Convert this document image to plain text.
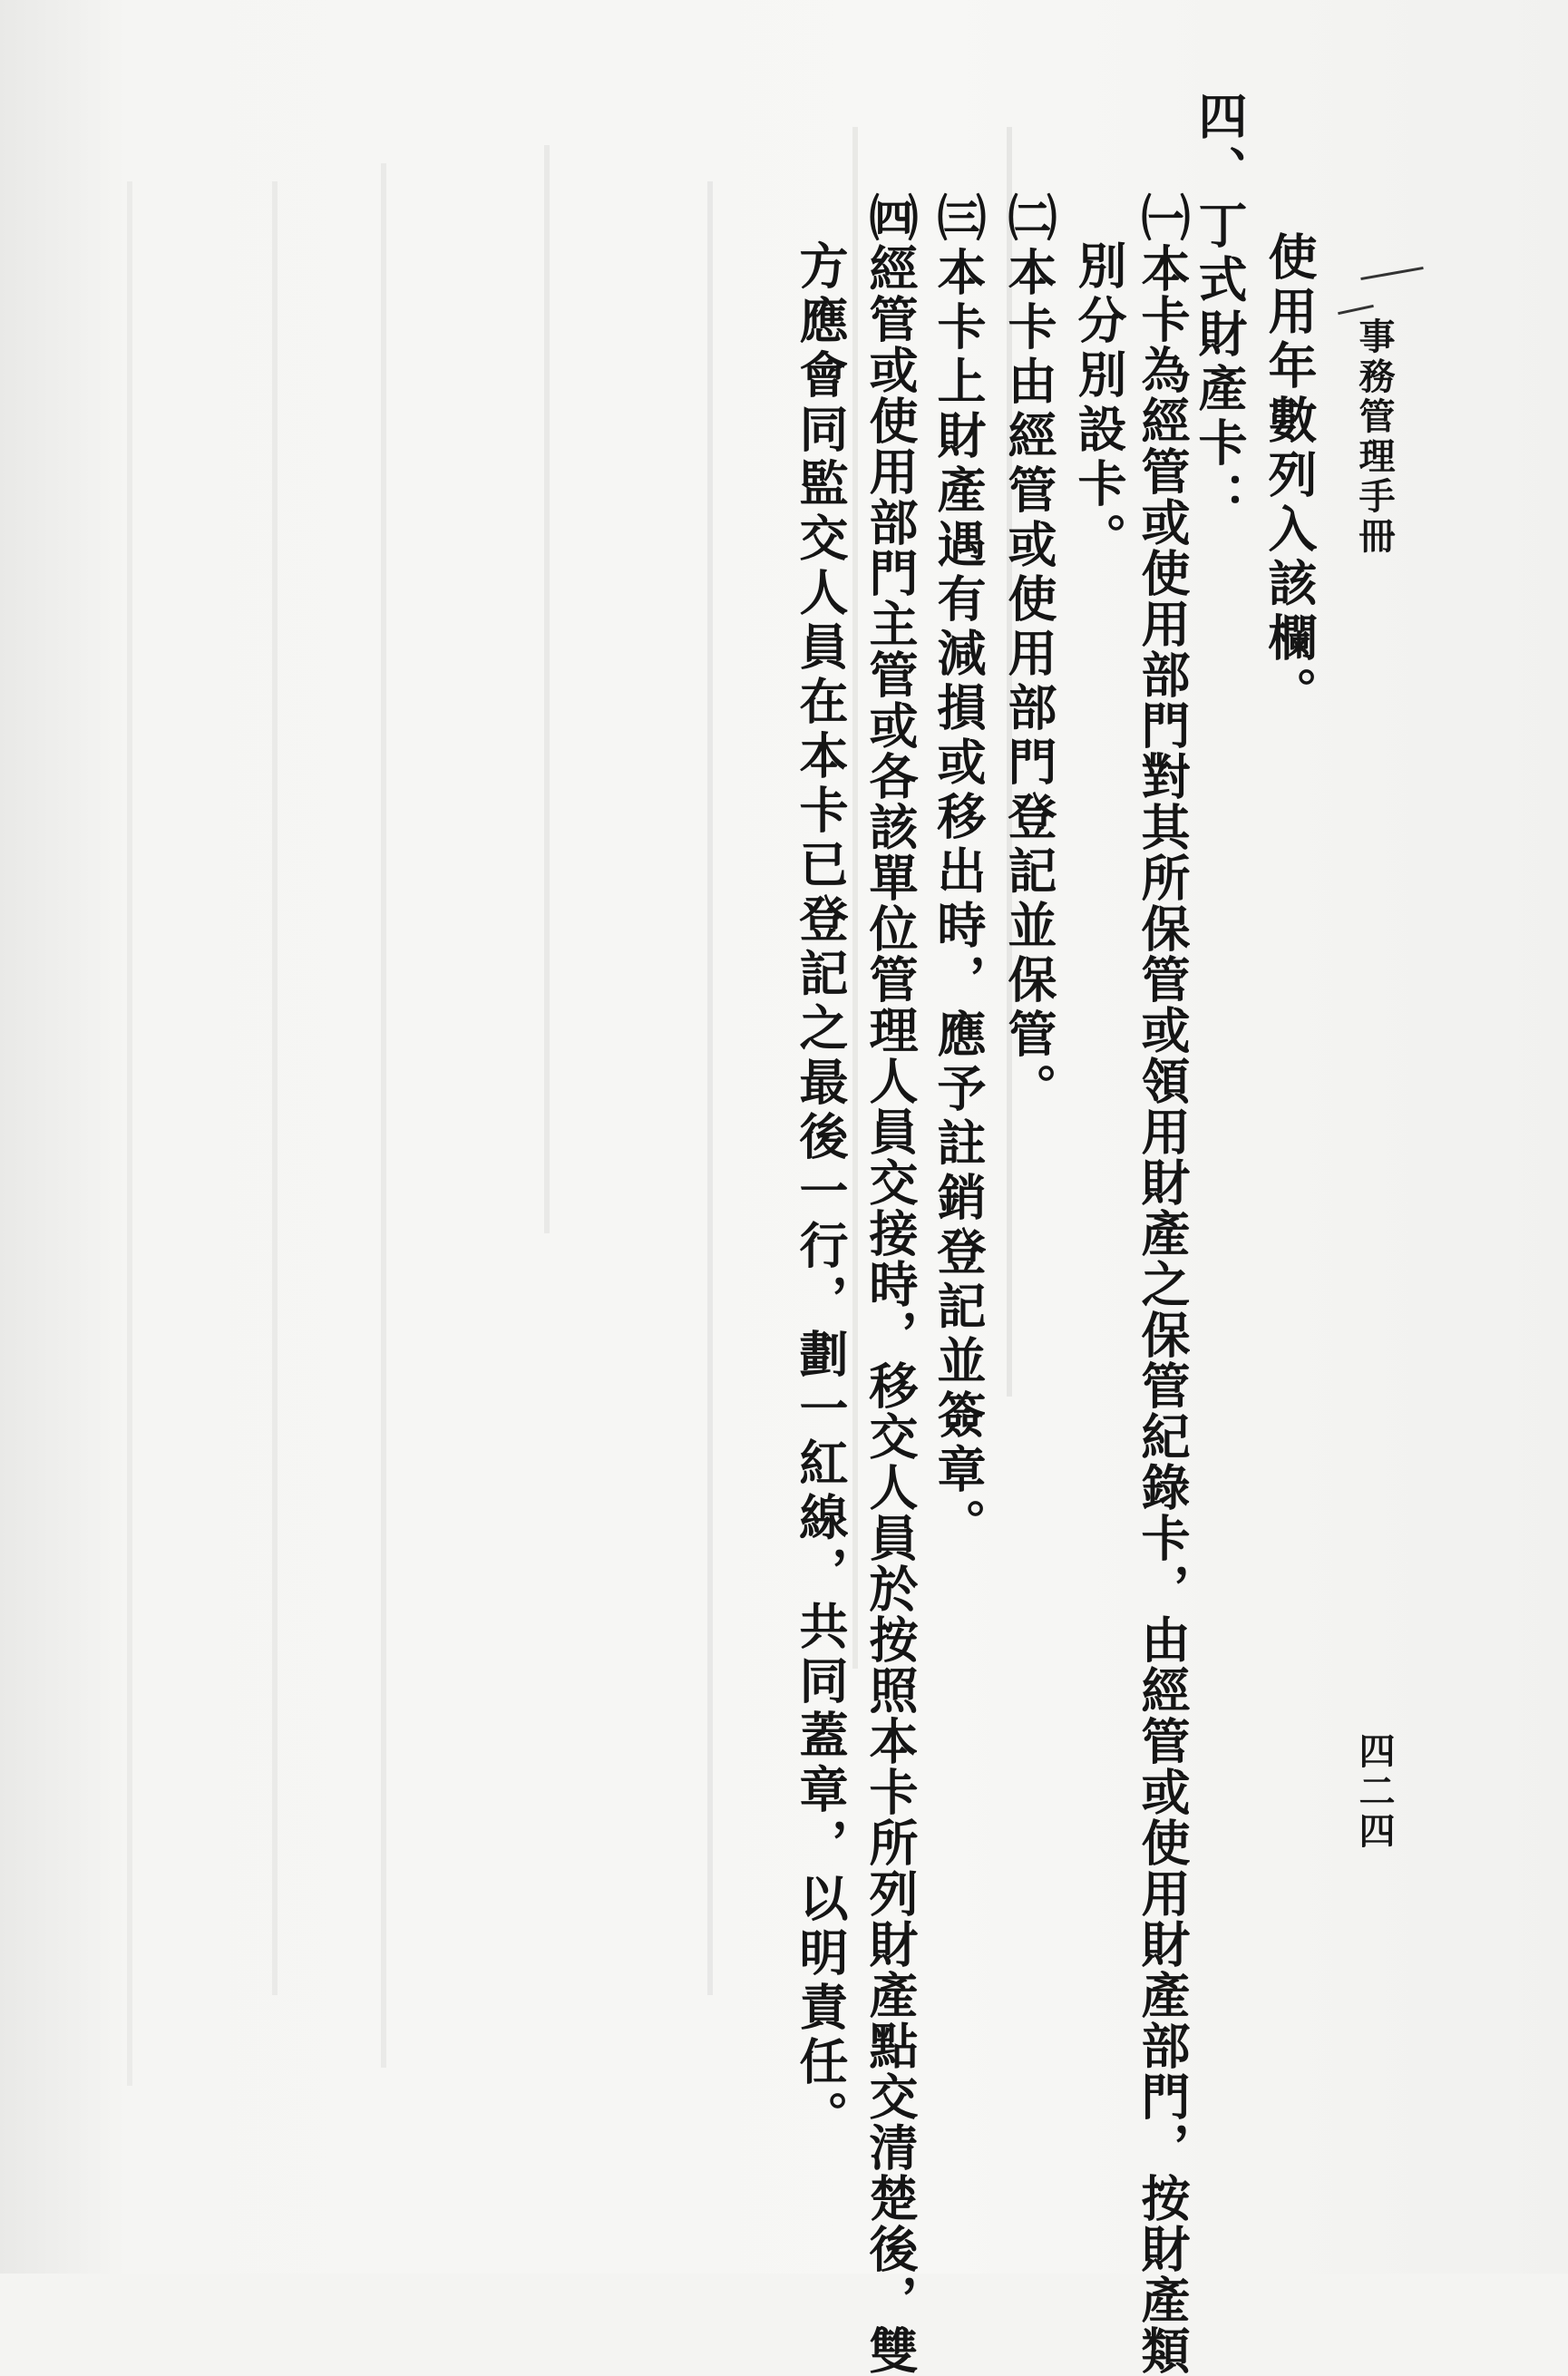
事務管理手冊
四二四
使用年數列入該欄。
四、丁式財產卡：
㈠本卡為經管或使用部門對其所保管或領用財產之保管紀錄卡，由經管或使用財產部門，按財產類
別分別設卡。
㈡本卡由經管或使用部門登記並保管。
㈢本卡上財產遇有減損或移出時，應予註銷登記並簽章。
㈣經管或使用部門主管或各該單位管理人員交接時，移交人員於按照本卡所列財產點交清楚後，雙
方應會同監交人員在本卡已登記之最後一行，劃一紅線，共同蓋章，以明責任。
